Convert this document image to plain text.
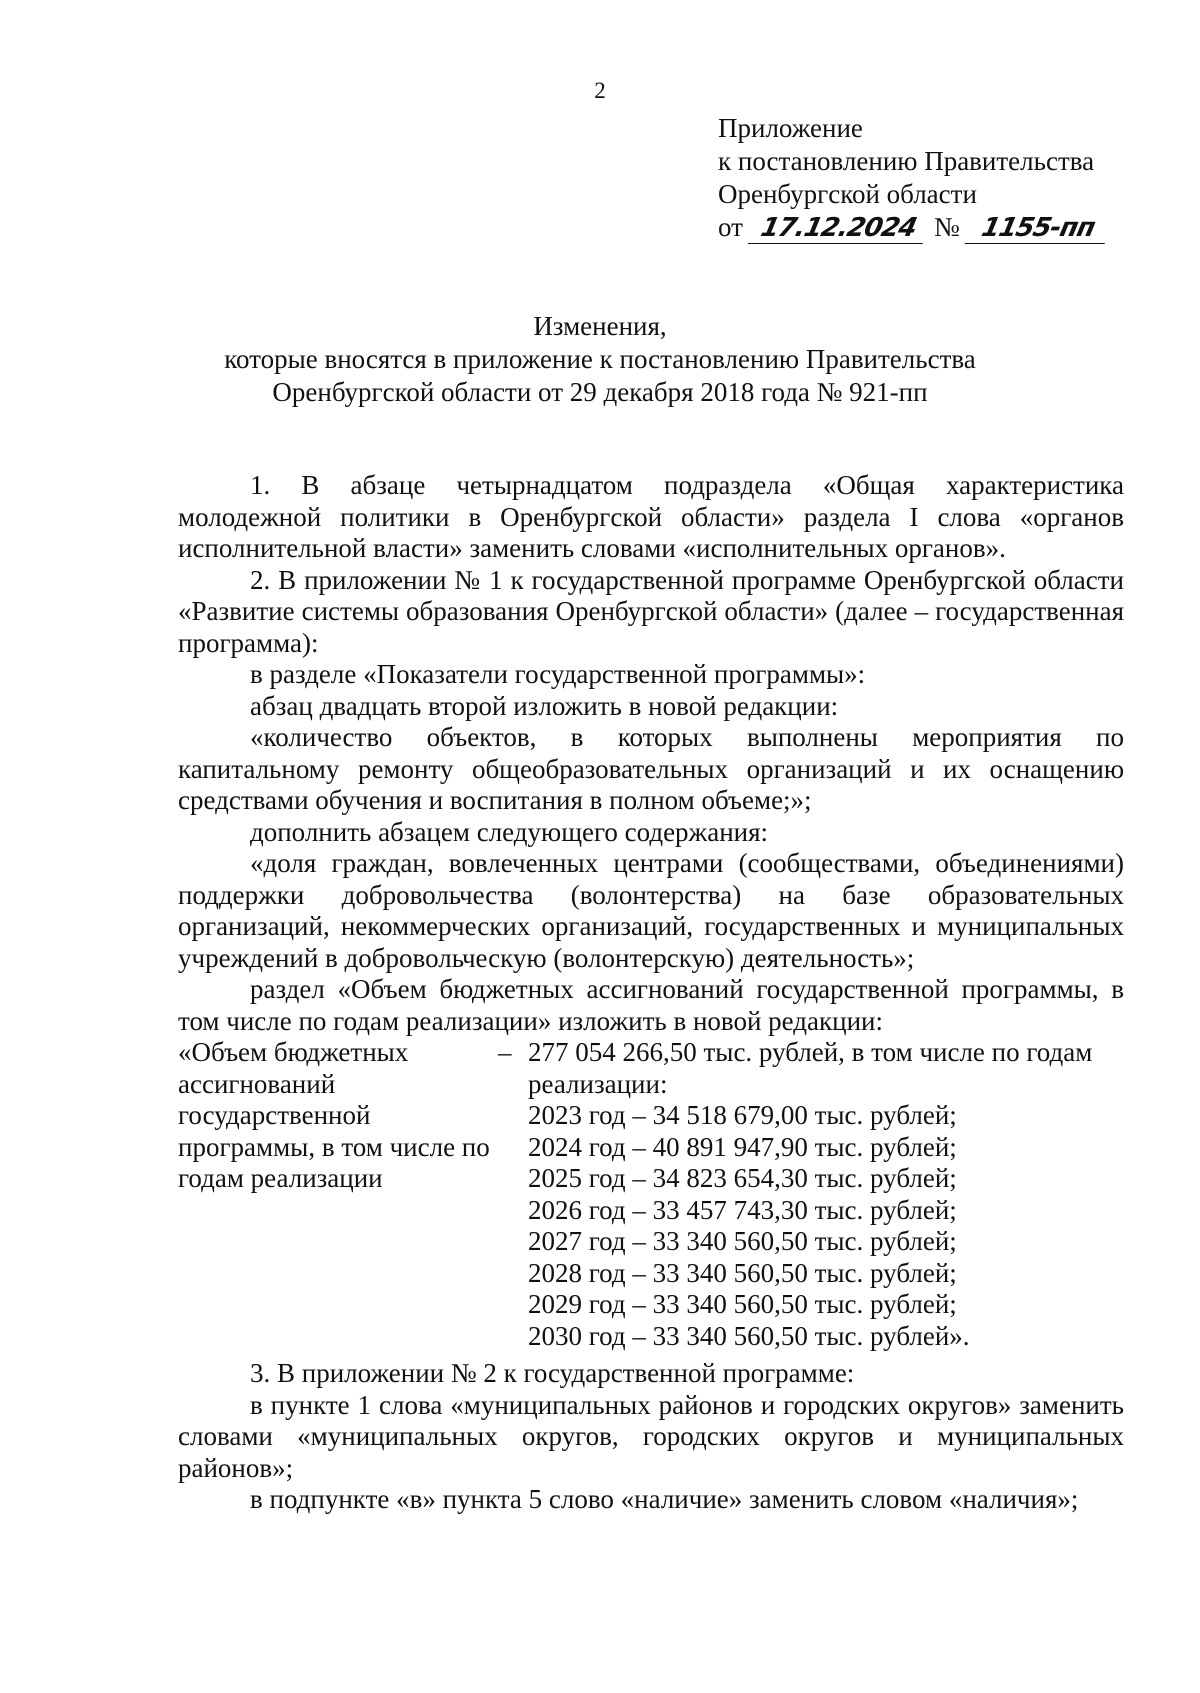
2
Приложение
к постановлению Правительства
Оренбургской области
от 17.12.2024 № 1155-пп
Изменения,
которые вносятся в приложение к постановлению Правительства
Оренбургской области от 29 декабря 2018 года № 921-пп

1. В абзаце четырнадцатом подраздела «Общая характеристика молодежной политики в Оренбургской области» раздела I слова «органов исполнительной власти» заменить словами «исполнительных органов».

2. В приложении № 1 к государственной программе Оренбургской области «Развитие системы образования Оренбургской области» (далее – государственная программа):

в разделе «Показатели государственной программы»:

абзац двадцать второй изложить в новой редакции:

«количество объектов, в которых выполнены мероприятия по капитальному ремонту общеобразовательных организаций и их оснащению средствами обучения и воспитания в полном объеме;»;

дополнить абзацем следующего содержания:

«доля граждан, вовлеченных центрами (сообществами, объединениями) поддержки добровольчества (волонтерства) на базе образовательных организаций, некоммерческих организаций, государственных и муниципальных учреждений в добровольческую (волонтерскую) деятельность»;

раздел «Объем бюджетных ассигнований государственной программы, в том числе по годам реализации» изложить в новой редакции:

«Объем бюджетных ассигнований государственной программы, в том числе по годам реализации
– 277 054 266,50 тыс. рублей, в том числе по годам реализации:
2023 год – 34 518 679,00 тыс. рублей;
2024 год – 40 891 947,90 тыс. рублей;
2025 год – 34 823 654,30 тыс. рублей;
2026 год – 33 457 743,30 тыс. рублей;
2027 год – 33 340 560,50 тыс. рублей;
2028 год – 33 340 560,50 тыс. рублей;
2029 год – 33 340 560,50 тыс. рублей;
2030 год – 33 340 560,50 тыс. рублей».

3. В приложении № 2 к государственной программе:

в пункте 1 слова «муниципальных районов и городских округов» заменить словами «муниципальных округов, городских округов и муниципальных районов»;

в подпункте «в» пункта 5 слово «наличие» заменить словом «наличия»;
